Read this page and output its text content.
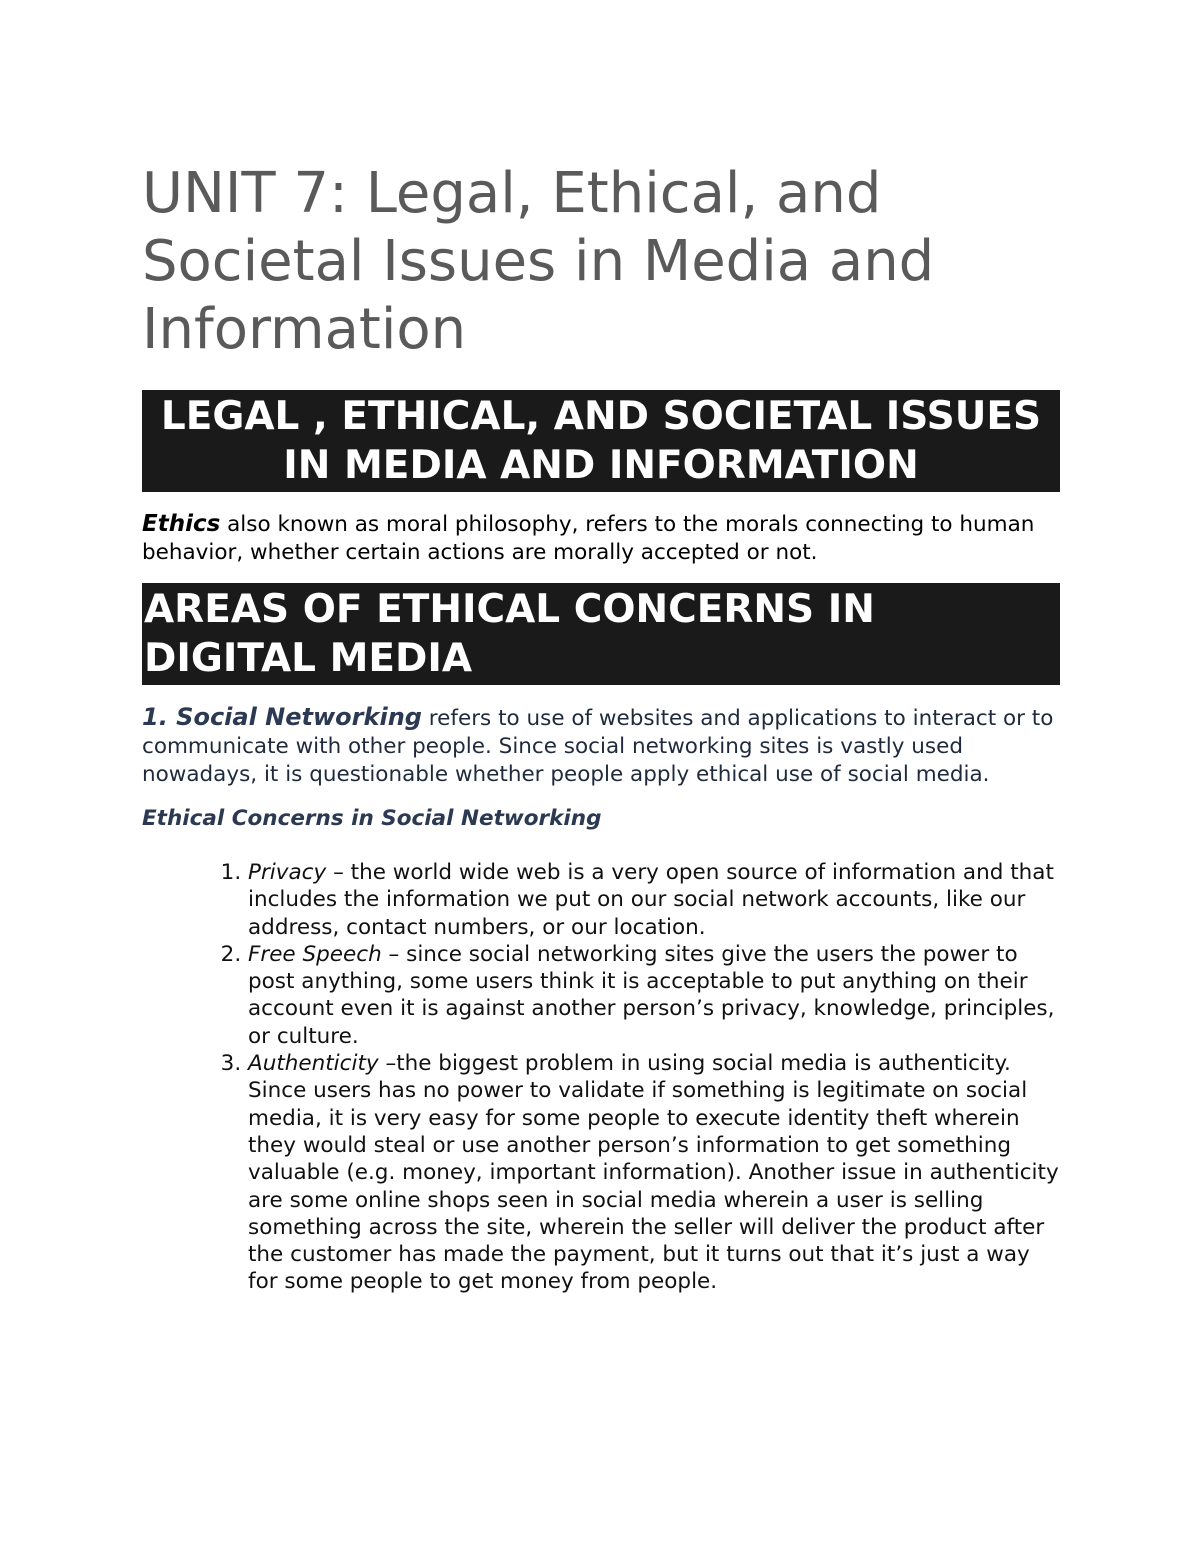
UNIT 7: Legal, Ethical, and Societal Issues in Media and Information
LEGAL , ETHICAL, AND SOCIETAL ISSUES IN MEDIA AND INFORMATION

Ethics also known as moral philosophy, refers to the morals connecting to human behavior, whether certain actions are morally accepted or not.

AREAS OF ETHICAL CONCERNS IN DIGITAL MEDIA

1. Social Networking refers to use of websites and applications to interact or to communicate with other people. Since social networking sites is vastly used nowadays, it is questionable whether people apply ethical use of social media.

Ethical Concerns in Social Networking
1. Privacy – the world wide web is a very open source of information and that includes the information we put on our social network accounts, like our address, contact numbers, or our location.
2. Free Speech – since social networking sites give the users the power to post anything, some users think it is acceptable to put anything on their account even it is against another person’s privacy, knowledge, principles, or culture.
3. Authenticity –the biggest problem in using social media is authenticity. Since users has no power to validate if something is legitimate on social media, it is very easy for some people to execute identity theft wherein they would steal or use another person’s information to get something valuable (e.g. money, important information). Another issue in authenticity are some online shops seen in social media wherein a user is selling something across the site, wherein the seller will deliver the product after the customer has made the payment, but it turns out that it’s just a way for some people to get money from people.
